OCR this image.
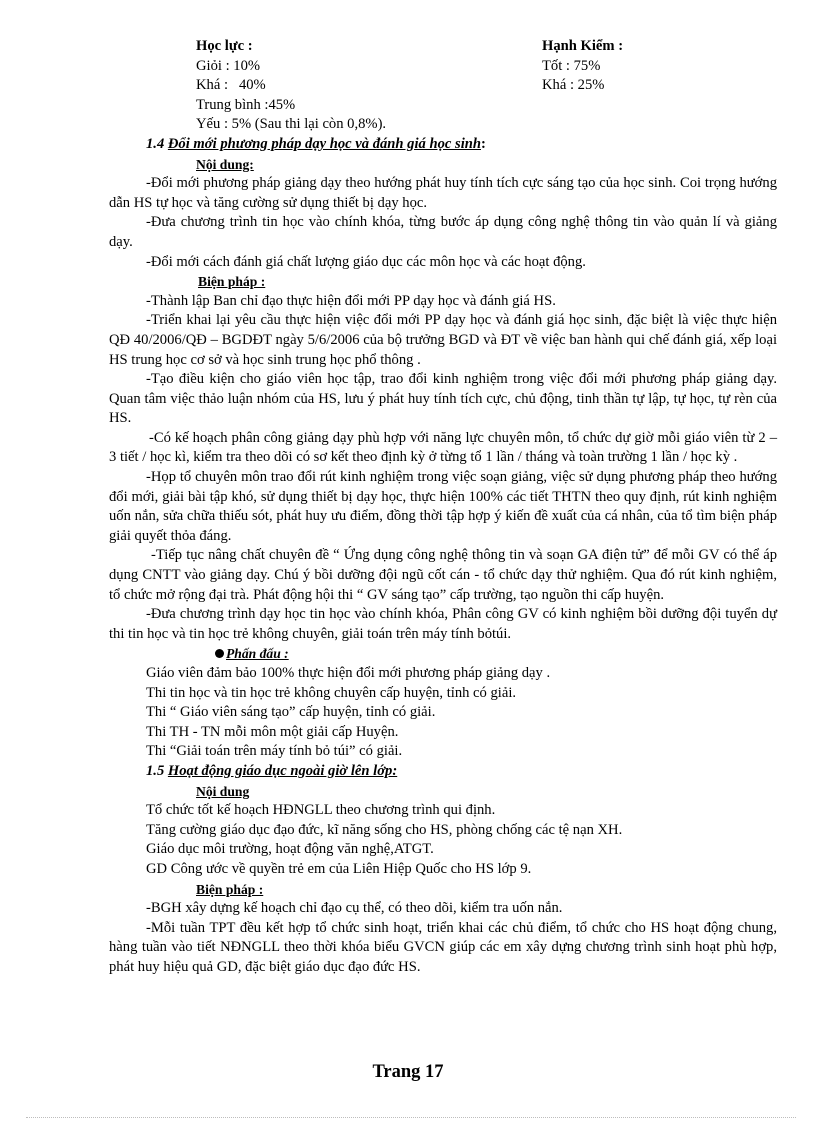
Học lực :	Hạnh Kiểm :
Giỏi : 10%	Tốt : 75%
Khá :   40%	Khá : 25%

Trung bình :45%

Yếu : 5% (Sau thi lại còn 0,8%).

1.4 Đổi mới phương pháp dạy học và đánh giá học sinh:

Nội dung:

-Đổi mới phương pháp giảng dạy theo hướng phát huy tính tích cực sáng tạo của học sinh. Coi trọng hướng dẫn HS tự học và tăng cường sử dụng thiết bị dạy học.

-Đưa chương trình tin học vào chính khóa, từng bước áp dụng công nghệ thông tin vào quản lí và giảng dạy.

-Đổi mới cách đánh giá chất lượng giáo dục các môn học và các hoạt động.

Biện pháp :

-Thành lập Ban chỉ đạo thực hiện đổi mới PP dạy học và đánh giá HS.

-Triển khai lại yêu cầu thực hiện việc đổi mới PP dạy học và đánh giá học sinh, đặc biệt là việc thực hiện QĐ 40/2006/QĐ – BGDĐT ngày 5/6/2006 của bộ trưởng BGD và ĐT về việc ban hành qui chế đánh giá, xếp loại HS trung học cơ sở và học sinh trung học phổ thông .

-Tạo điều kiện cho giáo viên học tập, trao đổi kinh nghiệm trong việc đổi mới phương pháp giảng dạy. Quan tâm việc thảo luận nhóm của HS, lưu ý phát huy tính tích cực, chủ động, tinh thần tự lập, tự học, tự rèn của HS.

-Có kế hoạch phân công giảng dạy phù hợp với năng lực chuyên môn, tổ chức dự giờ mỗi giáo viên từ 2 – 3 tiết / học kì, kiểm tra theo dõi có sơ kết theo định kỳ ở từng tổ 1 lần / tháng và toàn trường 1 lần / học kỳ .

-Họp tổ chuyên môn trao đổi rút kinh nghiệm trong việc soạn giảng, việc sử dụng phương pháp theo hướng đổi mới, giải bài tập khó, sử dụng thiết bị dạy học, thực hiện 100% các tiết THTN theo quy định, rút kinh nghiệm uốn nắn, sửa chữa thiếu sót, phát huy ưu điểm, đồng thời tập hợp ý kiến đề xuất của cá nhân, của tổ tìm biện pháp giải quyết thỏa đáng.

-Tiếp tục nâng chất chuyên đề “ Ứng dụng công nghệ thông tin và soạn GA điện tử” để mỗi GV có thể áp dụng CNTT vào giảng dạy. Chú ý bồi dưỡng đội ngũ cốt cán - tổ chức dạy thử nghiệm. Qua đó rút kinh nghiệm, tổ chức mở rộng đại trà. Phát động hội thi “ GV sáng tạo” cấp trường, tạo nguồn thi cấp huyện.

-Đưa chương trình dạy học tin học vào chính khóa, Phân công GV có kinh nghiệm bồi dưỡng đội tuyển dự thi tin học và tin học trẻ không chuyên, giải toán trên máy tính bỏtúi.

Phấn đấu :

Giáo viên đảm bảo 100% thực hiện đổi mới phương pháp giảng dạy .

Thi tin học và tin học trẻ không chuyên cấp huyện, tỉnh có giải.

Thi “ Giáo viên sáng tạo” cấp huyện, tỉnh có giải.

Thi TH - TN mỗi môn một giải cấp Huyện.

Thi “Giải toán trên máy tính bỏ túi” có giải.

1.5 Hoạt động giáo dục ngoài giờ lên lớp:

Nội dung

Tổ chức tốt kế hoạch HĐNGLL theo chương trình qui định.

Tăng cường giáo dục đạo đức, kĩ năng sống cho HS, phòng chống các tệ nạn XH.

Giáo dục môi trường, hoạt động văn nghệ,ATGT.

GD Công ước về quyền trẻ em của Liên Hiệp Quốc cho HS lớp 9.

Biện pháp :

-BGH xây dựng kế hoạch chỉ đạo cụ thể, có theo dõi, kiểm tra uốn nắn.

-Mỗi tuần TPT đều kết hợp tổ chức sinh hoạt, triển khai các chủ điểm, tổ chức cho HS hoạt động chung, hàng tuần vào tiết NĐNGLL theo thời khóa biểu GVCN giúp các em xây dựng chương trình sinh hoạt phù hợp, phát huy hiệu quả GD, đặc biệt giáo dục đạo đức HS.

Trang 17
